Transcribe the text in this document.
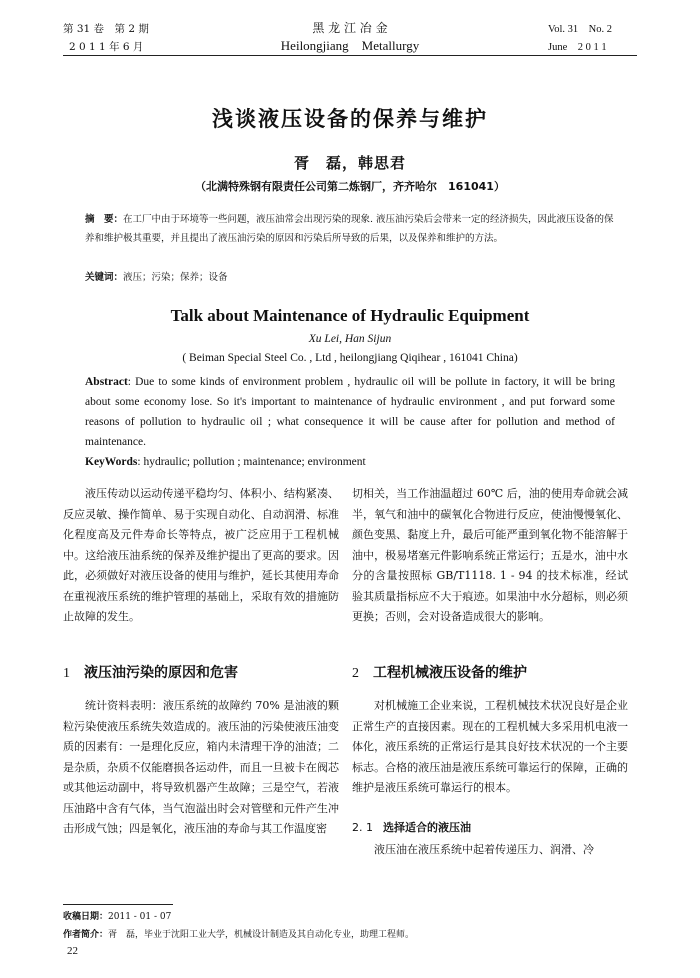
第 31 卷　第 2 期
2 0 1 1 年 6 月
黑 龙 江 冶 金
Heilongjiang　Metallurgy
Vol. 31　No. 2
June　2 0 1 1
浅谈液压设备的保养与维护
胥　磊，韩思君
（北满特殊钢有限责任公司第二炼钢厂，齐齐哈尔　161041）
摘　要：在工厂中由于环境等一些问题，液压油常会出现污染的现象. 液压油污染后会带来一定的经济损失，因此液压设备的保养和维护极其重要，并且提出了液压油污染的原因和污染后所导致的后果，以及保养和维护的方法。
关键词：液压；污染；保养；设备
Talk about Maintenance of Hydraulic Equipment
Xu Lei, Han Sijun
( Beiman Special Steel Co. , Ltd , heilongjiang Qiqihear , 161041 China)
Abstract: Due to some kinds of environment problem , hydraulic oil will be pollute in factory, it will be bring about some economy lose. So it's important to maintenance of hydraulic environment , and put forward some reasons of pollution to hydraulic oil ; what consequence it will be cause after for pollution and method of maintenance.
KeyWords: hydraulic; pollution ; maintenance; environment
液压传动以运动传递平稳均匀、体积小、结构紧凑、反应灵敏、操作简单、易于实现自动化、自动润滑、标准化程度高及元件寿命长等特点，被广泛应用于工程机械中。这给液压油系统的保养及维护提出了更高的要求。因此，必须做好对液压设备的使用与维护，延长其使用寿命在重视液压系统的维护管理的基础上，采取有效的措施防止故障的发生。
1 液压油污染的原因和危害
统计资料表明：液压系统的故障约 70% 是油液的颗粒污染使液压系统失效造成的。液压油的污染使液压油变质的因素有：一是理化反应，箱内未清理干净的油渣；二是杂质，杂质不仅能磨损各运动件，而且一旦被卡在阀芯或其他运动副中，将导致机器产生故障；三是空气，若液压油路中含有气体，当气泡溢出时会对管壁和元件产生冲击形成气蚀；四是氧化，液压油的寿命与其工作温度密
切相关，当工作油温超过 60℃ 后，油的使用寿命就会减半，氧气和油中的碳氧化合物进行反应，使油慢慢氧化、颜色变黑、黏度上升，最后可能严重到氧化物不能溶解于油中，极易堵塞元件影响系统正常运行；五是水，油中水分的含量按照标 GB/T1118. 1 - 94 的技术标准，经试验其质量指标应不大于痕迹。如果油中水分超标，则必须更换；否则，会对设备造成很大的影响。
2 工程机械液压设备的维护
对机械施工企业来说，工程机械技术状况良好是企业正常生产的直接因素。现在的工程机械大多采用机电液一体化，液压系统的正常运行是其良好技术状况的一个主要标志。合格的液压油是液压系统可靠运行的保障，正确的维护是液压系统可靠运行的根本。
2. 1 选择适合的液压油
液压油在液压系统中起着传递压力、润滑、冷
收稿日期：2011 - 01 - 07
作者简介：胥　磊，毕业于沈阳工业大学，机械设计制造及其自动化专业，助理工程师。
22
